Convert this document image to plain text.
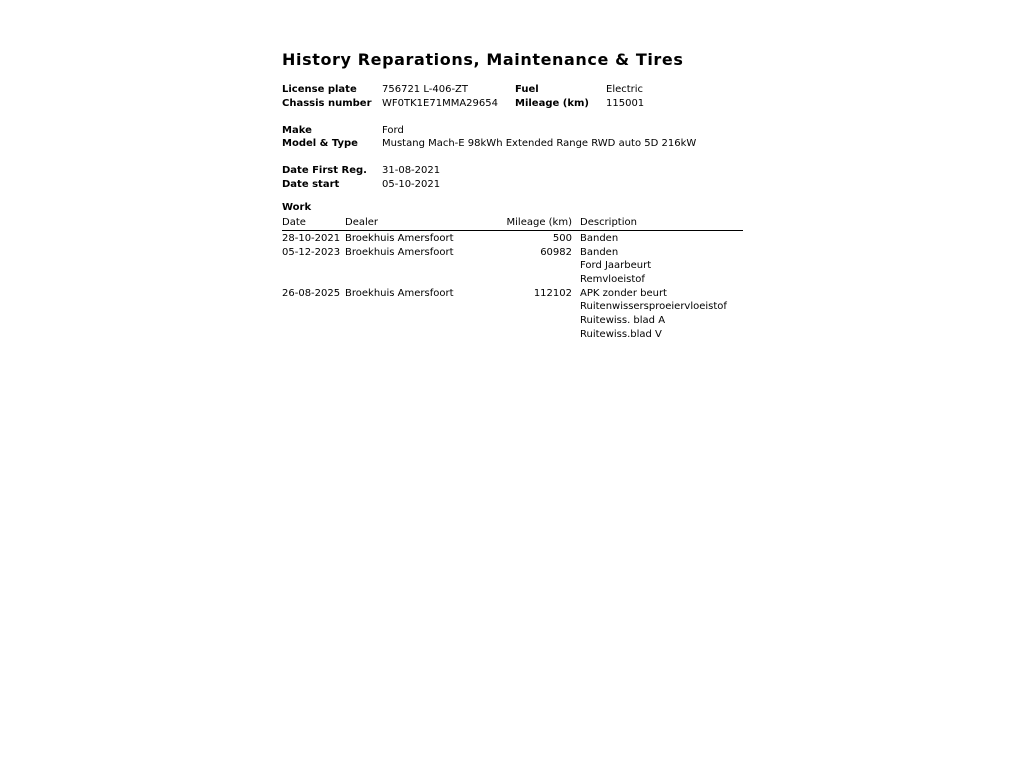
History Reparations, Maintenance & Tires
License plate	756721 L-406-ZT	Fuel	Electric
Chassis number WF0TK1E71MMA29654 Mileage (km) 115001
Make	Ford
Model & Type Mustang Mach-E 98kWh Extended Range RWD auto 5D 216kW
Date First Reg. 31-08-2021
Date start	05-10-2021
Work
Date	Dealer	Mileage (km) Description
28-10-2021 Broekhuis Amersfoort	500 Banden
05-12-2023 Broekhuis Amersfoort	60982 Banden
Ford Jaarbeurt
Remvloeistof
26-08-2025 Broekhuis Amersfoort	112102 APK zonder beurt
Ruitenwissersproeiervloeistof
Ruitewiss. blad A
Ruitewiss.blad V
